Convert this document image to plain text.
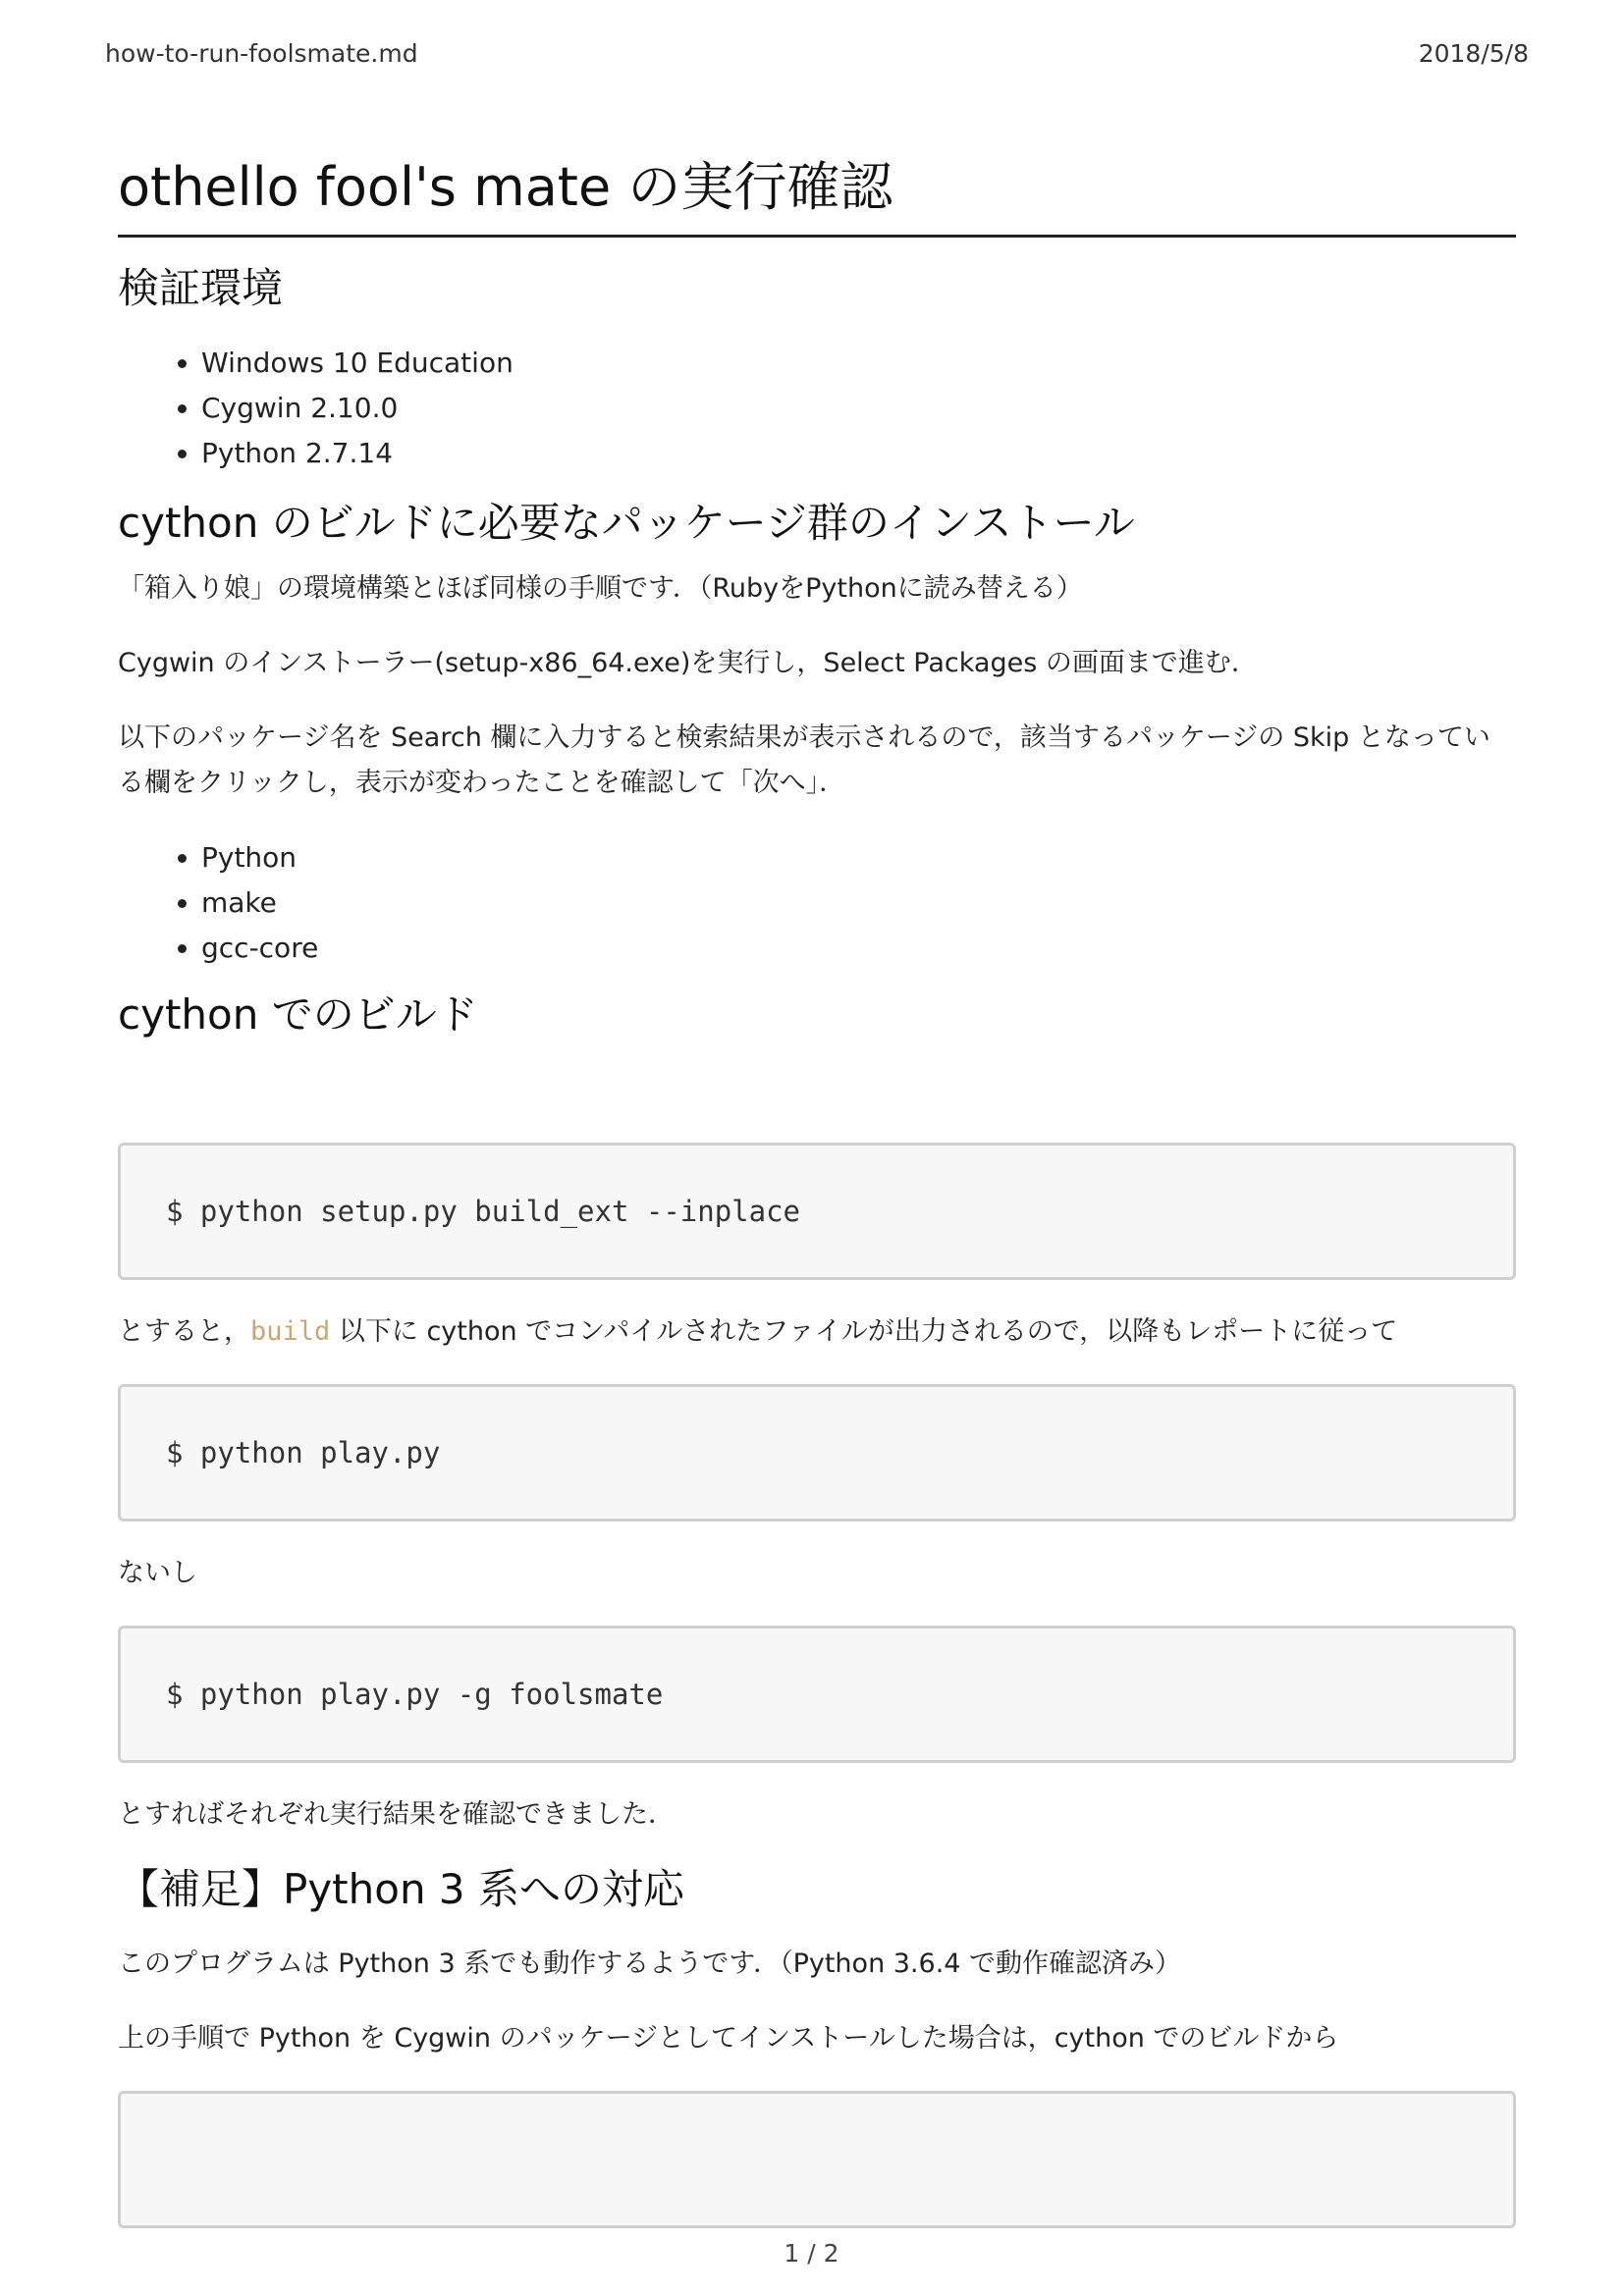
how-to-run-foolsmate.md	2018/5/8
othello fool's mate の実行確認
検証環境
• Windows 10 Education
• Cygwin 2.10.0
• Python 2.7.14
cython のビルドに必要なパッケージ群のインストール

「箱入り娘」の環境構築とほぼ同様の手順です．（RubyをPythonに読み替える）

Cygwin のインストーラー(setup-x86_64.exe)を実行し，Select Packages の画面まで進む．

以下のパッケージ名を Search 欄に入力すると検索結果が表示されるので，該当するパッケージの Skip となってい
る欄をクリックし，表示が変わったことを確認して「次へ」．

• Python
• make
• gcc-core
cython でのビルド
$ python setup.py build_ext --inplace

とすると，build 以下に cython でコンパイルされたファイルが出力されるので，以降もレポートに従って

$ python play.py

ないし

$ python play.py -g foolsmate

とすればそれぞれ実行結果を確認できました．

【補足】Python 3 系への対応

このプログラムは Python 3 系でも動作するようです．（Python 3.6.4 で動作確認済み）

上の手順で Python を Cygwin のパッケージとしてインストールした場合は，cython でのビルドから

1 / 2
